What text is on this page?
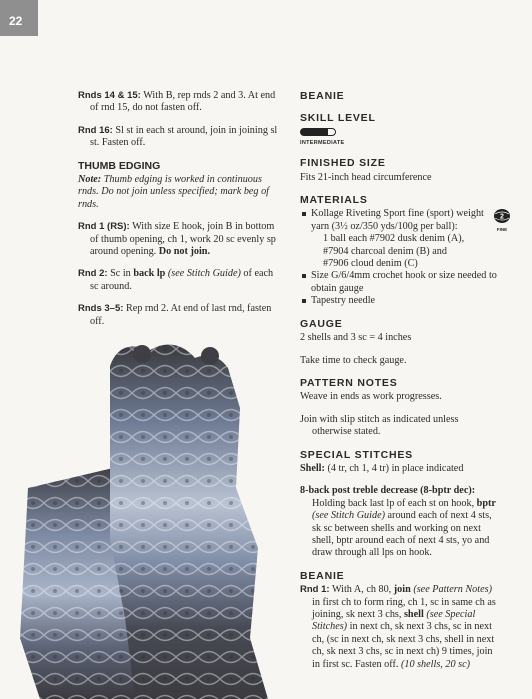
22

Rnds 14 & 15: With B, rep rnds 2 and 3. At end of rnd 15, do not fasten off.

Rnd 16: Sl st in each st around, join in joining sl st. Fasten off.

THUMB EDGING

Note: Thumb edging is worked in continuous rnds. Do not join unless specified; mark beg of rnds.

Rnd 1 (RS): With size E hook, join B in bottom of thumb opening, ch 1, work 20 sc evenly sp around opening. Do not join.

Rnd 2: Sc in back lp (see Stitch Guide) of each sc around.

Rnds 3–5: Rep rnd 2. At end of last rnd, fasten off.

BEANIE
SKILL LEVEL
INTERMEDIATE
FINISHED SIZE

Fits 21-inch head circumference

MATERIALS
2
FINE
Kollage Riveting Sport fine (sport) weight yarn (3½ oz/350 yds/100g per ball):
1 ball each #7902 dusk denim (A),
#7904 charcoal denim (B) and
#7906 cloud denim (C)
Size G/6/4mm crochet hook or size needed to obtain gauge
Tapestry needle
GAUGE

2 shells and 3 sc = 4 inches

Take time to check gauge.

PATTERN NOTES

Weave in ends as work progresses.

Join with slip stitch as indicated unless otherwise stated.

SPECIAL STITCHES

Shell: (4 tr, ch 1, 4 tr) in place indicated

8-back post treble decrease (8-bptr dec): Holding back last lp of each st on hook, bptr (see Stitch Guide) around each of next 4 sts, sk sc between shells and working on next shell, bptr around each of next 4 sts, yo and draw through all lps on hook.

BEANIE

Rnd 1: With A, ch 80, join (see Pattern Notes) in first ch to form ring, ch 1, sc in same ch as joining, sk next 3 chs, shell (see Special Stitches) in next ch, sk next 3 chs, sc in next ch, (sc in next ch, sk next 3 chs, shell in next ch, sk next 3 chs, sc in next ch) 9 times, join in first sc. Fasten off. (10 shells, 20 sc)
